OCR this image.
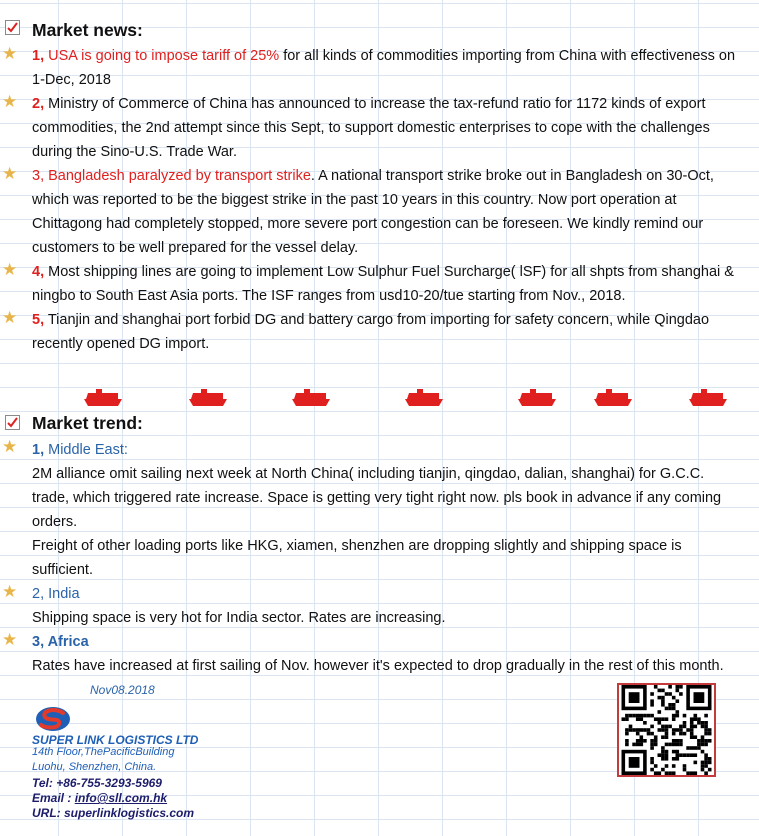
Market news:
★ 1, USA is going to impose tariff of 25% for all kinds of commodities importing from China with effectiveness on
1-Dec, 2018
★ 2, Ministry of Commerce of China has announced to increase the tax-refund ratio for 1172 kinds of export
commodities, the 2nd attempt since this Sept, to support domestic enterprises to cope with the challenges
during the Sino-U.S. Trade War.
★ 3, Bangladesh paralyzed by transport strike. A national transport strike broke out in Bangladesh on 30-Oct,
which was reported to be the biggest strike in the past 10 years in this country. Now port operation at
Chittagong had completely stopped, more severe port congestion can be foreseen. We kindly remind our
customers to be well prepared for the vessel delay.
★ 4, Most shipping lines are going to implement Low Sulphur Fuel Surcharge( lSF) for all shpts from shanghai &
ningbo to South East Asia ports. The ISF ranges from usd10-20/tue starting from Nov., 2018.
★ 5, Tianjin and shanghai port forbid DG and battery cargo from importing for safety concern, while Qingdao
recently opened DG import.
Market trend:
★ 1, Middle East:
2M alliance omit sailing next week at North China( including tianjin, qingdao, dalian, shanghai) for G.C.C.
trade, which triggered rate increase. Space is getting very tight right now. pls book in advance if any coming
orders.
Freight of other loading ports like HKG, xiamen, shenzhen are dropping slightly and shipping space is
sufficient.
★ 2, India
Shipping space is very hot for India sector. Rates are increasing.
★ 3, Africa
Rates have increased at first sailing of Nov. however it's expected to drop gradually in the rest of this month.
Nov08.2018
SUPER LINK LOGISTICS LTD
14th Floor,ThePacificBuilding
Luohu, Shenzhen, China.
Tel: +86-755-3293-5969
Email : info@sll.com.hk
URL: superlinklogistics.com
